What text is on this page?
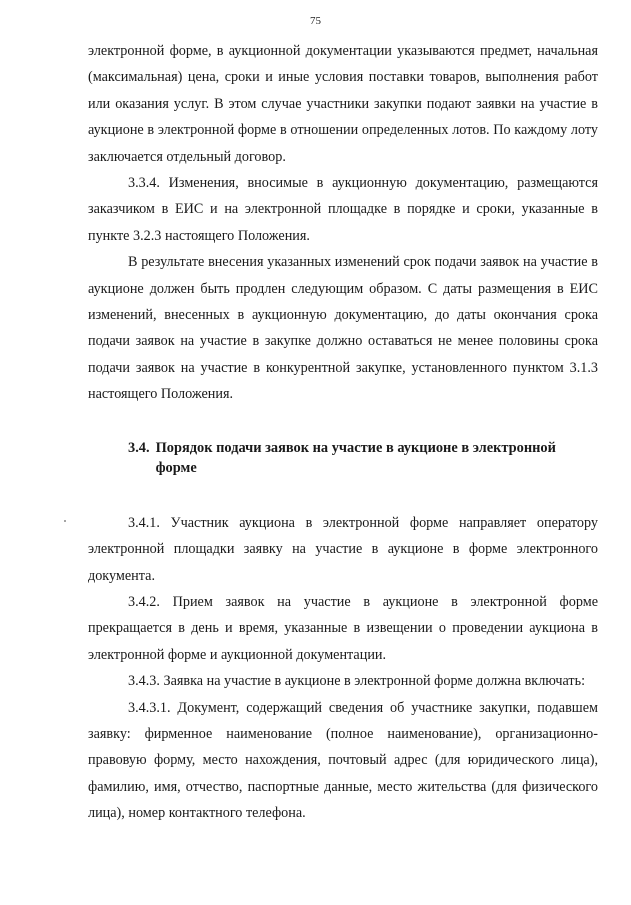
75

электронной форме, в аукционной документации указываются предмет, начальная (максимальная) цена, сроки и иные условия поставки товаров, выполнения работ или оказания услуг. В этом случае участники закупки подают заявки на участие в аукционе в электронной форме в отношении определенных лотов. По каждому лоту заключается отдельный договор.

3.3.4. Изменения, вносимые в аукционную документацию, размещаются заказчиком в ЕИС и на электронной площадке в порядке и сроки, указанные в пункте 3.2.3 настоящего Положения.

В результате внесения указанных изменений срок подачи заявок на участие в аукционе должен быть продлен следующим образом. С даты размещения в ЕИС изменений, внесенных в аукционную документацию, до даты окончания срока подачи заявок на участие в закупке должно оставаться не менее половины срока подачи заявок на участие в конкурентной закупке, установленного пунктом 3.1.3 настоящего Положения.

3.4. Порядок подачи заявок на участие в аукционе в электронной форме

3.4.1. Участник аукциона в электронной форме направляет оператору электронной площадки заявку на участие в аукционе в форме электронного документа.

3.4.2. Прием заявок на участие в аукционе в электронной форме прекращается в день и время, указанные в извещении о проведении аукциона в электронной форме и аукционной документации.

3.4.3. Заявка на участие в аукционе в электронной форме должна включать:

3.4.3.1. Документ, содержащий сведения об участнике закупки, подавшем заявку: фирменное наименование (полное наименование), организационно-правовую форму, место нахождения, почтовый адрес (для юридического лица), фамилию, имя, отчество, паспортные данные, место жительства (для физического лица), номер контактного телефона.
